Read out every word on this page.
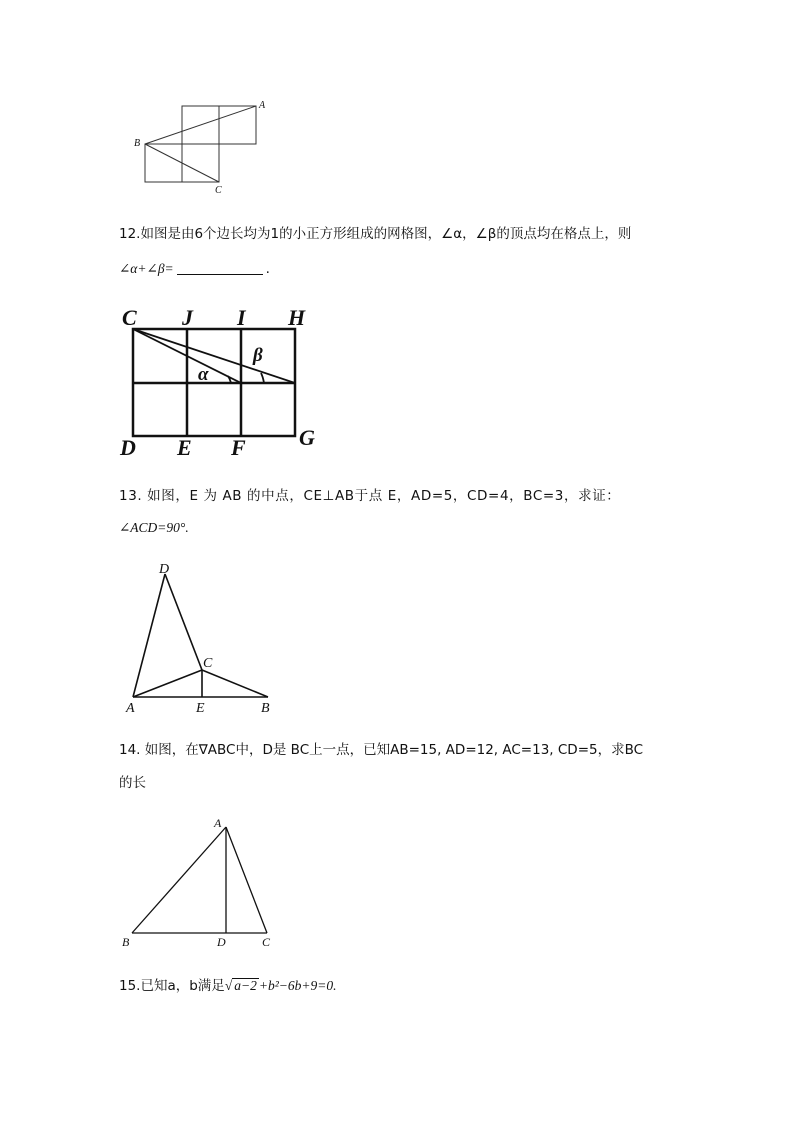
A
B
C
12.如图是由6个边长均为1的小正方形组成的网格图，∠α，∠β的顶点均在格点上，则
∠α+∠β=	.
C J I H
D E F G
α
β
13. 如图，E 为 AB 的中点，CE⊥AB于点 E，AD=5，CD=4，BC=3，求证：
∠ACD=90°.
D
C
A	E	B
14. 如图，在∇ABC中，D是 BC上一点，已知AB=15, AD=12, AC=13, CD=5，求BC
的长
A
B	D	C
15.已知a，b满足√ a−2 +b²−6b+9=0.
